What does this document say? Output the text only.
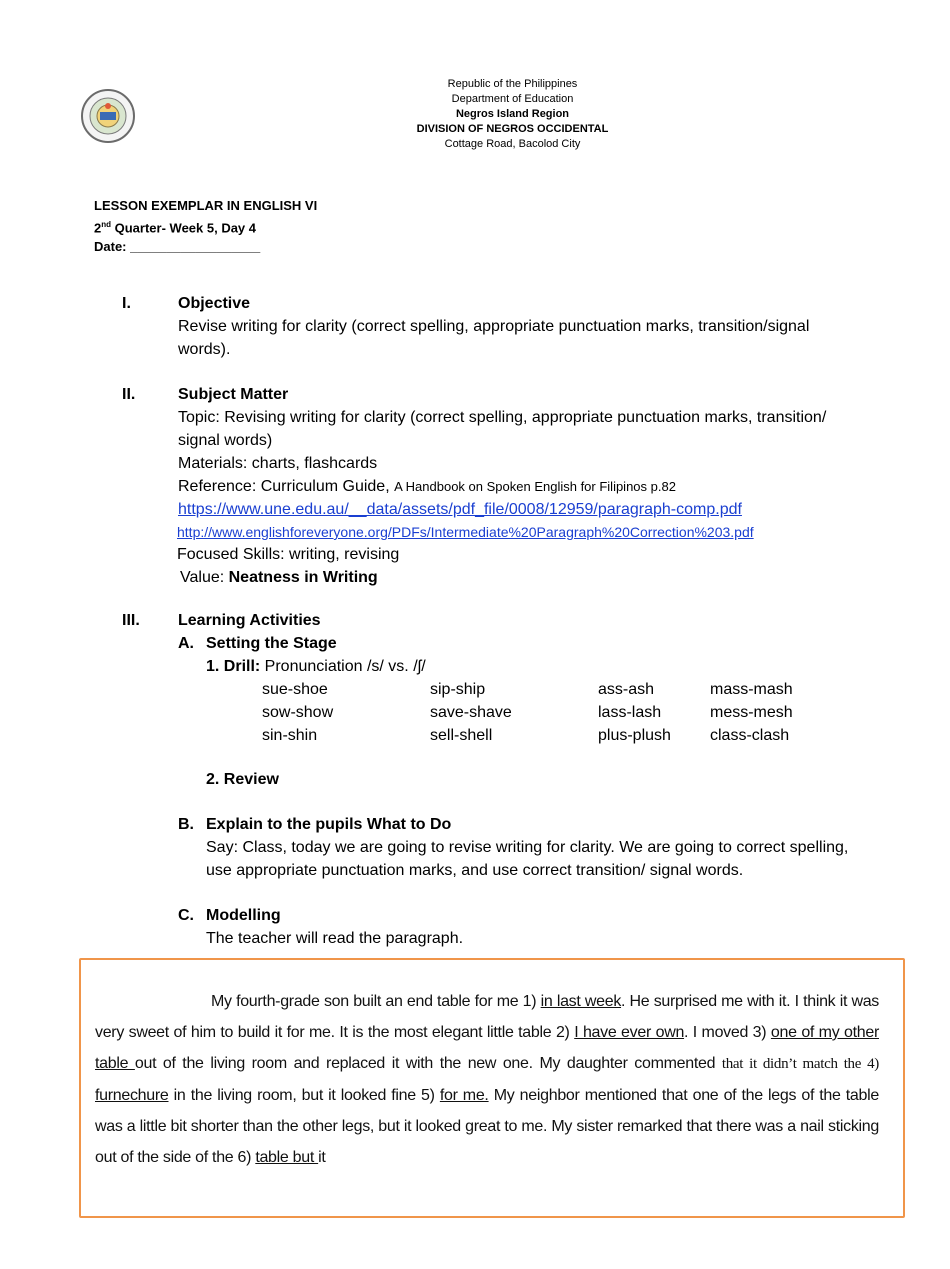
Republic of the Philippines
Department of Education
Negros Island Region
DIVISION OF NEGROS OCCIDENTAL
Cottage Road, Bacolod City
LESSON EXEMPLAR IN ENGLISH VI
2nd Quarter- Week 5, Day 4
Date: __________________
I.	Objective
Revise writing for clarity (correct spelling, appropriate punctuation marks, transition/signal words).
II.	Subject Matter
Topic: Revising writing for clarity (correct spelling, appropriate punctuation marks, transition/ signal words)
Materials: charts, flashcards
Reference: Curriculum Guide, A Handbook on Spoken English for Filipinos p.82
https://www.une.edu.au/__data/assets/pdf_file/0008/12959/paragraph-comp.pdf
http://www.englishforeveryone.org/PDFs/Intermediate%20Paragraph%20Correction%203.pdf
Focused Skills: writing, revising
Value: Neatness in Writing
III. Learning Activities
A. Setting the Stage
1. Drill: Pronunciation /s/ vs. /ʃ/
sue-shoe	sip-ship	ass-ash	mass-mash
sow-show	save-shave	lass-lash	mess-mesh
sin-shin	sell-shell	plus-plush	class-clash
2. Review
B. Explain to the pupils What to Do
Say: Class, today we are going to revise writing for clarity. We are going to correct spelling, use appropriate punctuation marks, and use correct transition/ signal words.
C. Modelling
The teacher will read the paragraph.
My fourth-grade son built an end table for me 1) in last week. He surprised me with it. I think it was very sweet of him to build it for me. It is the most elegant little table 2) I have ever own. I moved 3) one of my other table out of the living room and replaced it with the new one. My daughter commented that it didn’t match the 4) furnechure in the living room, but it looked fine 5) for me. My neighbor mentioned that one of the legs of the table was a little bit shorter than the other legs, but it looked great to me. My sister remarked that there was a nail sticking out of the side of the 6) table but it
